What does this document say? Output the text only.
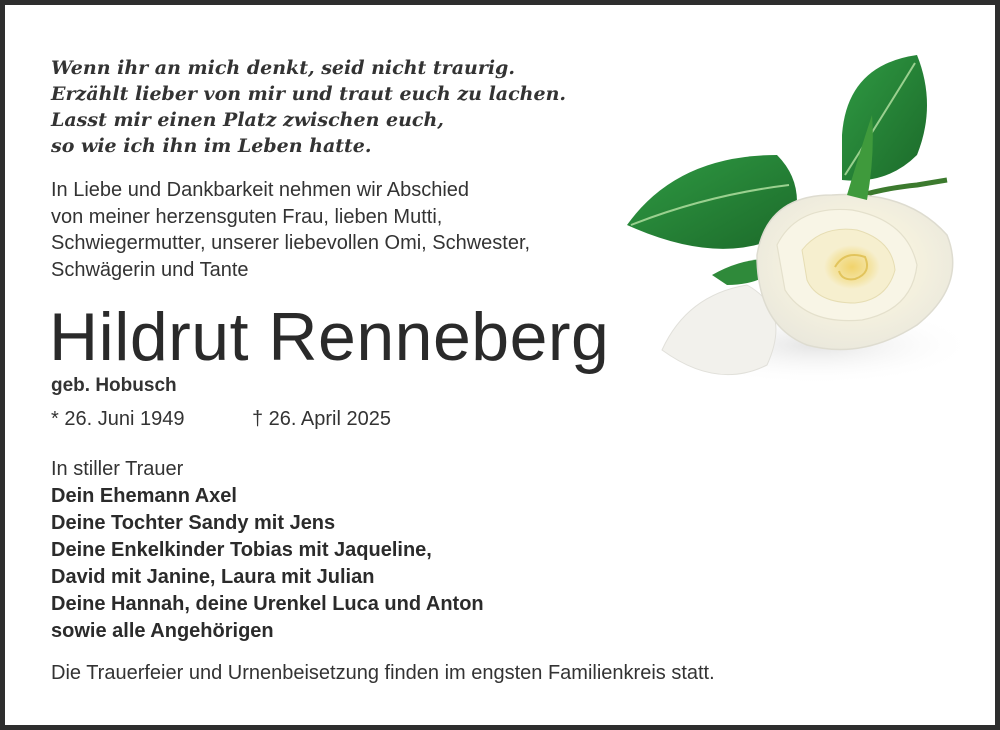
Wenn ihr an mich denkt, seid nicht traurig.
Erzählt lieber von mir und traut euch zu lachen.
Lasst mir einen Platz zwischen euch,
so wie ich ihn im Leben hatte.
In Liebe und Dankbarkeit nehmen wir Abschied
von meiner herzensguten Frau, lieben Mutti,
Schwiegermutter, unserer liebevollen Omi, Schwester,
Schwägerin und Tante
Hildrut Renneberg
geb. Hobusch
* 26. Juni 1949	† 26. April 2025
In stiller Trauer
Dein Ehemann Axel
Deine Tochter Sandy mit Jens
Deine Enkelkinder Tobias mit Jaqueline,
David mit Janine, Laura mit Julian
Deine Hannah, deine Urenkel Luca und Anton
sowie alle Angehörigen
Die Trauerfeier und Urnenbeisetzung finden im engsten Familienkreis statt.
